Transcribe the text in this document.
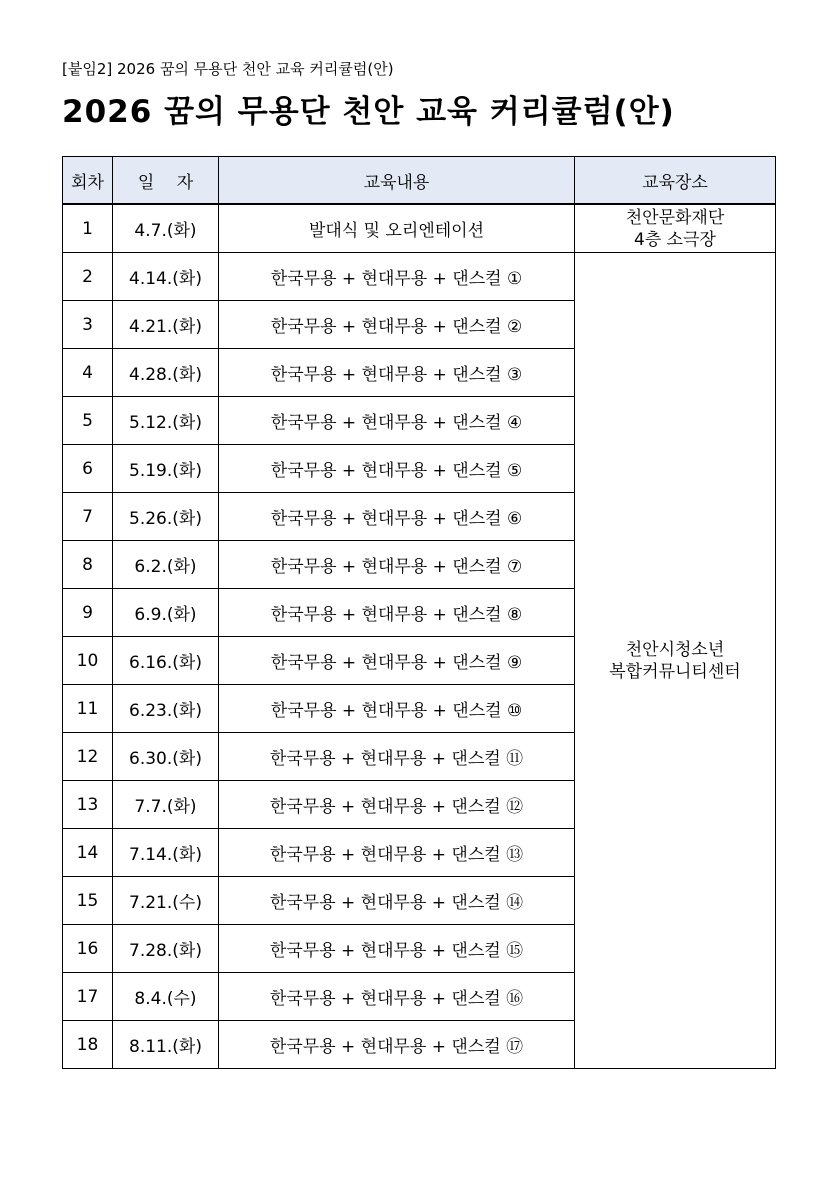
[붙임2] 2026 꿈의 무용단 천안 교육 커리큘럼(안)
2026 꿈의 무용단 천안 교육 커리큘럼(안)
회차	일　 자	교육내용	교육장소
1	4.7.(화)	발대식 및 오리엔테이션	천안문화재단
4층 소극장

2	4.14.(화)	한국무용 + 현대무용 + 댄스컬 ①	천안시청소년
복합커뮤니티센터

3	4.21.(화)	한국무용 + 현대무용 + 댄스컬 ②	
4	4.28.(화)	한국무용 + 현대무용 + 댄스컬 ③	
5	5.12.(화)	한국무용 + 현대무용 + 댄스컬 ④	
6	5.19.(화)	한국무용 + 현대무용 + 댄스컬 ⑤	
7	5.26.(화)	한국무용 + 현대무용 + 댄스컬 ⑥	
8	6.2.(화)	한국무용 + 현대무용 + 댄스컬 ⑦	
9	6.9.(화)	한국무용 + 현대무용 + 댄스컬 ⑧	
10	6.16.(화)	한국무용 + 현대무용 + 댄스컬 ⑨	
11	6.23.(화)	한국무용 + 현대무용 + 댄스컬 ⑩	
12	6.30.(화)	한국무용 + 현대무용 + 댄스컬 ⑪	
13	7.7.(화)	한국무용 + 현대무용 + 댄스컬 ⑫	
14	7.14.(화)	한국무용 + 현대무용 + 댄스컬 ⑬	
15	7.21.(수)	한국무용 + 현대무용 + 댄스컬 ⑭	
16	7.28.(화)	한국무용 + 현대무용 + 댄스컬 ⑮	
17	8.4.(수)	한국무용 + 현대무용 + 댄스컬 ⑯	
18	8.11.(화)	한국무용 + 현대무용 + 댄스컬 ⑰	
